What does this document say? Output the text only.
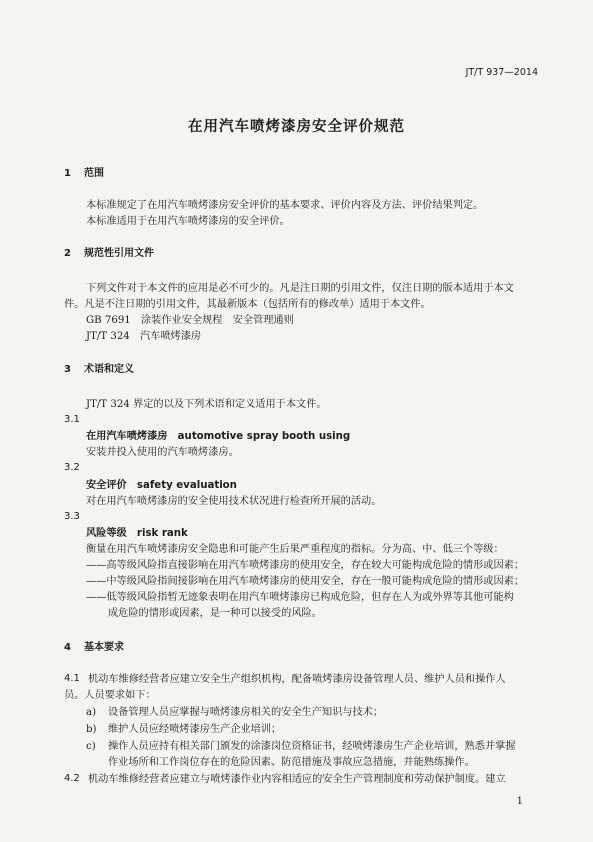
JT/T 937—2014
在用汽车喷烤漆房安全评价规范
1 范围
本标准规定了在用汽车喷烤漆房安全评价的基本要求、评价内容及方法、评价结果判定。
本标准适用于在用汽车喷烤漆房的安全评价。
2 规范性引用文件
下列文件对于本文件的应用是必不可少的。凡是注日期的引用文件，仅注日期的版本适用于本文
件。凡是不注日期的引用文件，其最新版本（包括所有的修改单）适用于本文件。
GB 7691　涂装作业安全规程　安全管理通则
JT/T 324　汽车喷烤漆房
3 术语和定义
JT/T 324 界定的以及下列术语和定义适用于本文件。
3.1
在用汽车喷烤漆房　automotive spray booth using
安装并投入使用的汽车喷烤漆房。
3.2
安全评价　safety evaluation
对在用汽车喷烤漆房的安全使用技术状况进行检查所开展的活动。
3.3
风险等级　risk rank
衡量在用汽车喷烤漆房安全隐患和可能产生后果严重程度的指标。分为高、中、低三个等级：
——高等级风险指直接影响在用汽车喷烤漆房的使用安全，存在较大可能构成危险的情形或因素；
——中等级风险指间接影响在用汽车喷烤漆房的使用安全，存在一般可能构成危险的情形或因素；
——低等级风险指暂无迹象表明在用汽车喷烤漆房已构成危险，但存在人为或外界等其他可能构
成危险的情形或因素，是一种可以接受的风险。
4 基本要求
4.1 机动车维修经营者应建立安全生产组织机构，配备喷烤漆房设备管理人员、维护人员和操作人
员。人员要求如下：
a) 设备管理人员应掌握与喷烤漆房相关的安全生产知识与技术；
b) 维护人员应经喷烤漆房生产企业培训；
c) 操作人员应持有相关部门颁发的涂漆岗位资格证书，经喷烤漆房生产企业培训，熟悉并掌握
作业场所和工作岗位存在的危险因素、防范措施及事故应急措施，并能熟练操作。
4.2 机动车维修经营者应建立与喷烤漆作业内容相适应的安全生产管理制度和劳动保护制度。建立
1
